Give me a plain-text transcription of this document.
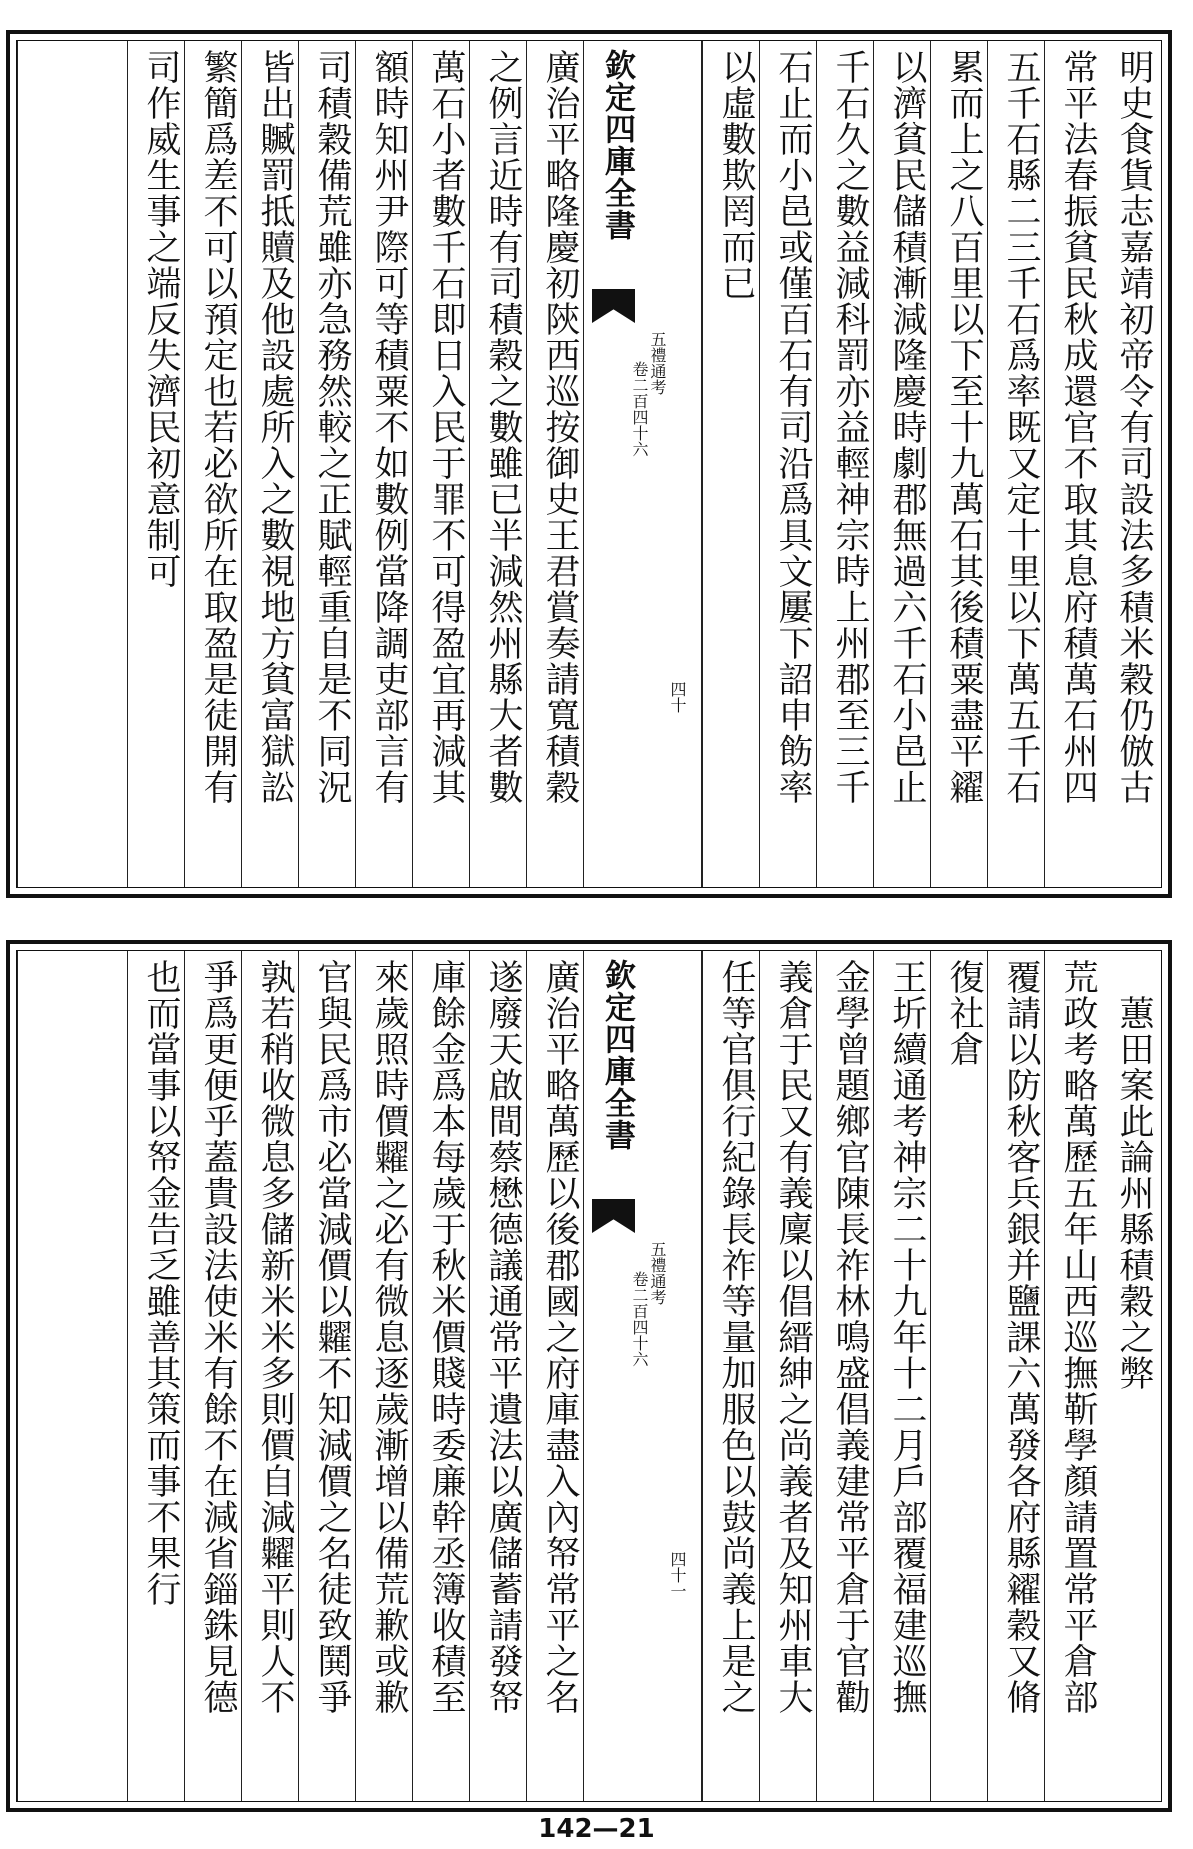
明史食貨志嘉靖初帝令有司設法多積米穀仍倣古
常平法春振貧民秋成還官不取其息府積萬石州四
五千石縣二三千石爲率既又定十里以下萬五千石
累而上之八百里以下至十九萬石其後積粟盡平糴
以濟貧民儲積漸減隆慶時劇郡無過六千石小邑止
千石久之數益減科罰亦益輕神宗時上州郡至三千
石止而小邑或僅百石有司沿爲具文屢下詔申飭率
以虛數欺罔而已
欽定四庫全書
五禮通考
卷二百四十六
四十
廣治平略隆慶初陝西巡按御史王君賞奏請寬積穀
之例言近時有司積穀之數雖已半減然州縣大者數
萬石小者數千石即日入民于罪不可得盈宜再減其
額時知州尹際可等積粟不如數例當降調吏部言有
司積穀備荒雖亦急務然較之正賦輕重自是不同況
皆出贓罰抵贖及他設處所入之數視地方貧富獄訟
繁簡爲差不可以預定也若必欲所在取盈是徒開有
司作威生事之端反失濟民初意制可
　蕙田案此論州縣積穀之弊
荒政考略萬歷五年山西巡撫靳學顏請置常平倉部
覆請以防秋客兵銀并鹽課六萬發各府縣糴穀又脩
復社倉
王圻續通考神宗二十九年十二月戶部覆福建巡撫
金學曾題鄉官陳長祚林鳴盛倡義建常平倉于官勸
義倉于民又有義廩以倡縉紳之尚義者及知州車大
任等官俱行紀錄長祚等量加服色以鼓尚義上是之
欽定四庫全書
五禮通考
卷二百四十六
四十一
廣治平略萬歷以後郡國之府庫盡入內帑常平之名
遂廢天啟間蔡懋德議通常平遺法以廣儲蓄請發帑
庫餘金爲本每歲于秋米價賤時委廉幹丞簿收積至
來歲照時價糶之必有微息逐歲漸增以備荒歉或歉
官與民爲市必當減價以糶不知減價之名徒致鬨爭
孰若稍收微息多儲新米米多則價自減糶平則人不
爭爲更便乎蓋貴設法使米有餘不在減省錙銖見德
也而當事以帑金告乏雖善其策而事不果行
142—21
